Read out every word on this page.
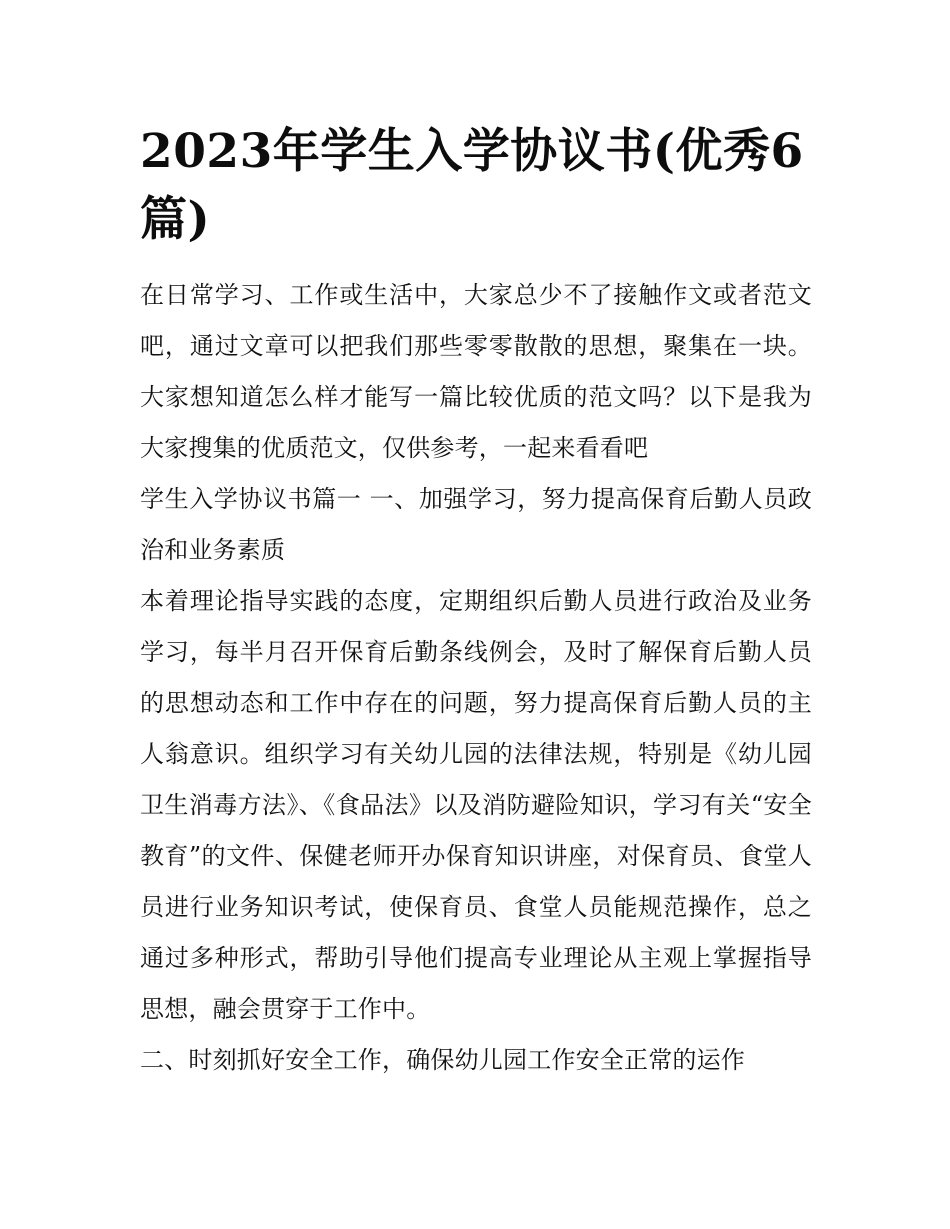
2023年学生入学协议书(优秀6篇)

在日常学习、工作或生活中，大家总少不了接触作文或者范文吧，通过文章可以把我们那些零零散散的思想，聚集在一块。大家想知道怎么样才能写一篇比较优质的范文吗？以下是我为大家搜集的优质范文，仅供参考，一起来看看吧

学生入学协议书篇一 一、加强学习，努力提高保育后勤人员政治和业务素质

本着理论指导实践的态度，定期组织后勤人员进行政治及业务学习，每半月召开保育后勤条线例会，及时了解保育后勤人员的思想动态和工作中存在的问题，努力提高保育后勤人员的主人翁意识。组织学习有关幼儿园的法律法规，特别是《幼儿园卫生消毒方法》、《食品法》以及消防避险知识，学习有关“安全教育”的文件、保健老师开办保育知识讲座，对保育员、食堂人员进行业务知识考试，使保育员、食堂人员能规范操作，总之通过多种形式，帮助引导他们提高专业理论从主观上掌握指导思想，融会贯穿于工作中。

二、时刻抓好安全工作，确保幼儿园工作安全正常的运作
